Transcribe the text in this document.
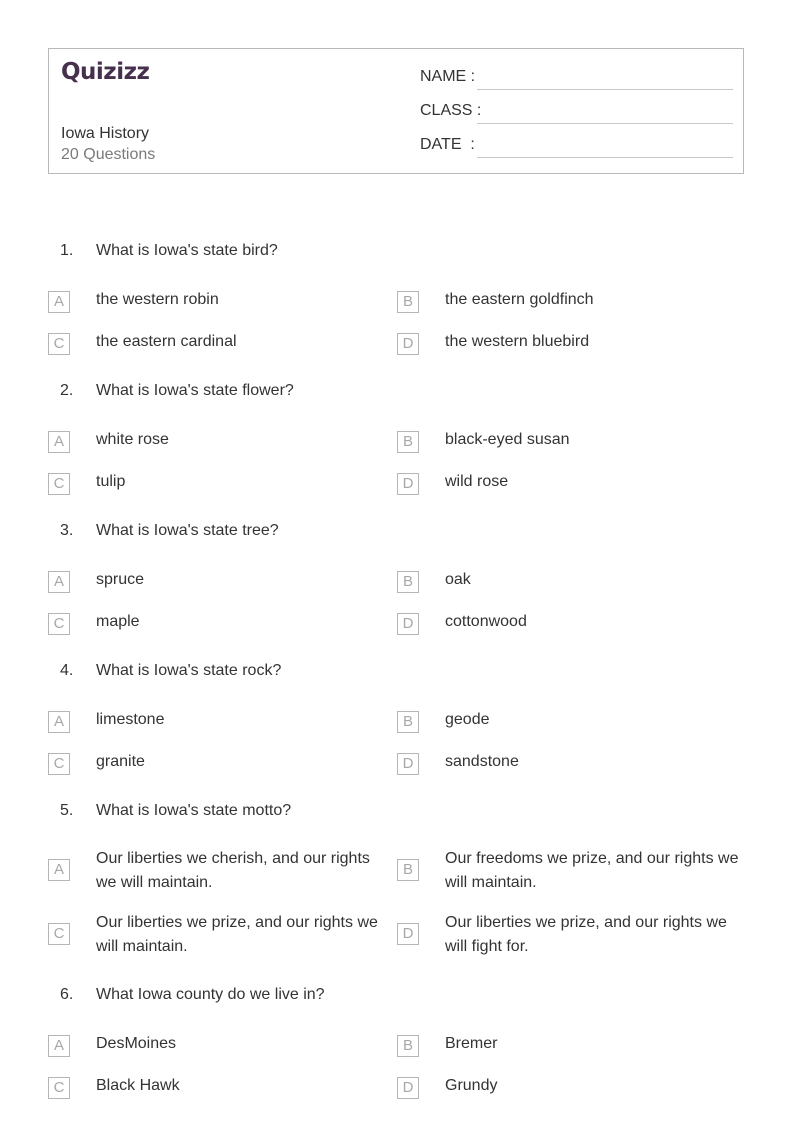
Quizizz
Iowa History
20 Questions
NAME :
CLASS :
DATE  :
1. What is Iowa's state bird?
A	the western robin	B	the eastern goldfinch
C	the eastern cardinal	D	the western bluebird
2. What is Iowa's state flower?
A	white rose	B	black-eyed susan
C	tulip	D	wild rose
3. What is Iowa's state tree?
A	spruce	B	oak
C	maple	D	cottonwood
4. What is Iowa's state rock?
A	limestone	B	geode
C	granite	D	sandstone
5. What is Iowa's state motto?
A
Our liberties we cherish, and our rights we will maintain.
B
Our freedoms we prize, and our rights we will maintain.
C
Our liberties we prize, and our rights we will maintain.
D
Our liberties we prize, and our rights we will fight for.
6. What Iowa county do we live in?
A	DesMoines	B	Bremer
C	Black Hawk	D	Grundy
